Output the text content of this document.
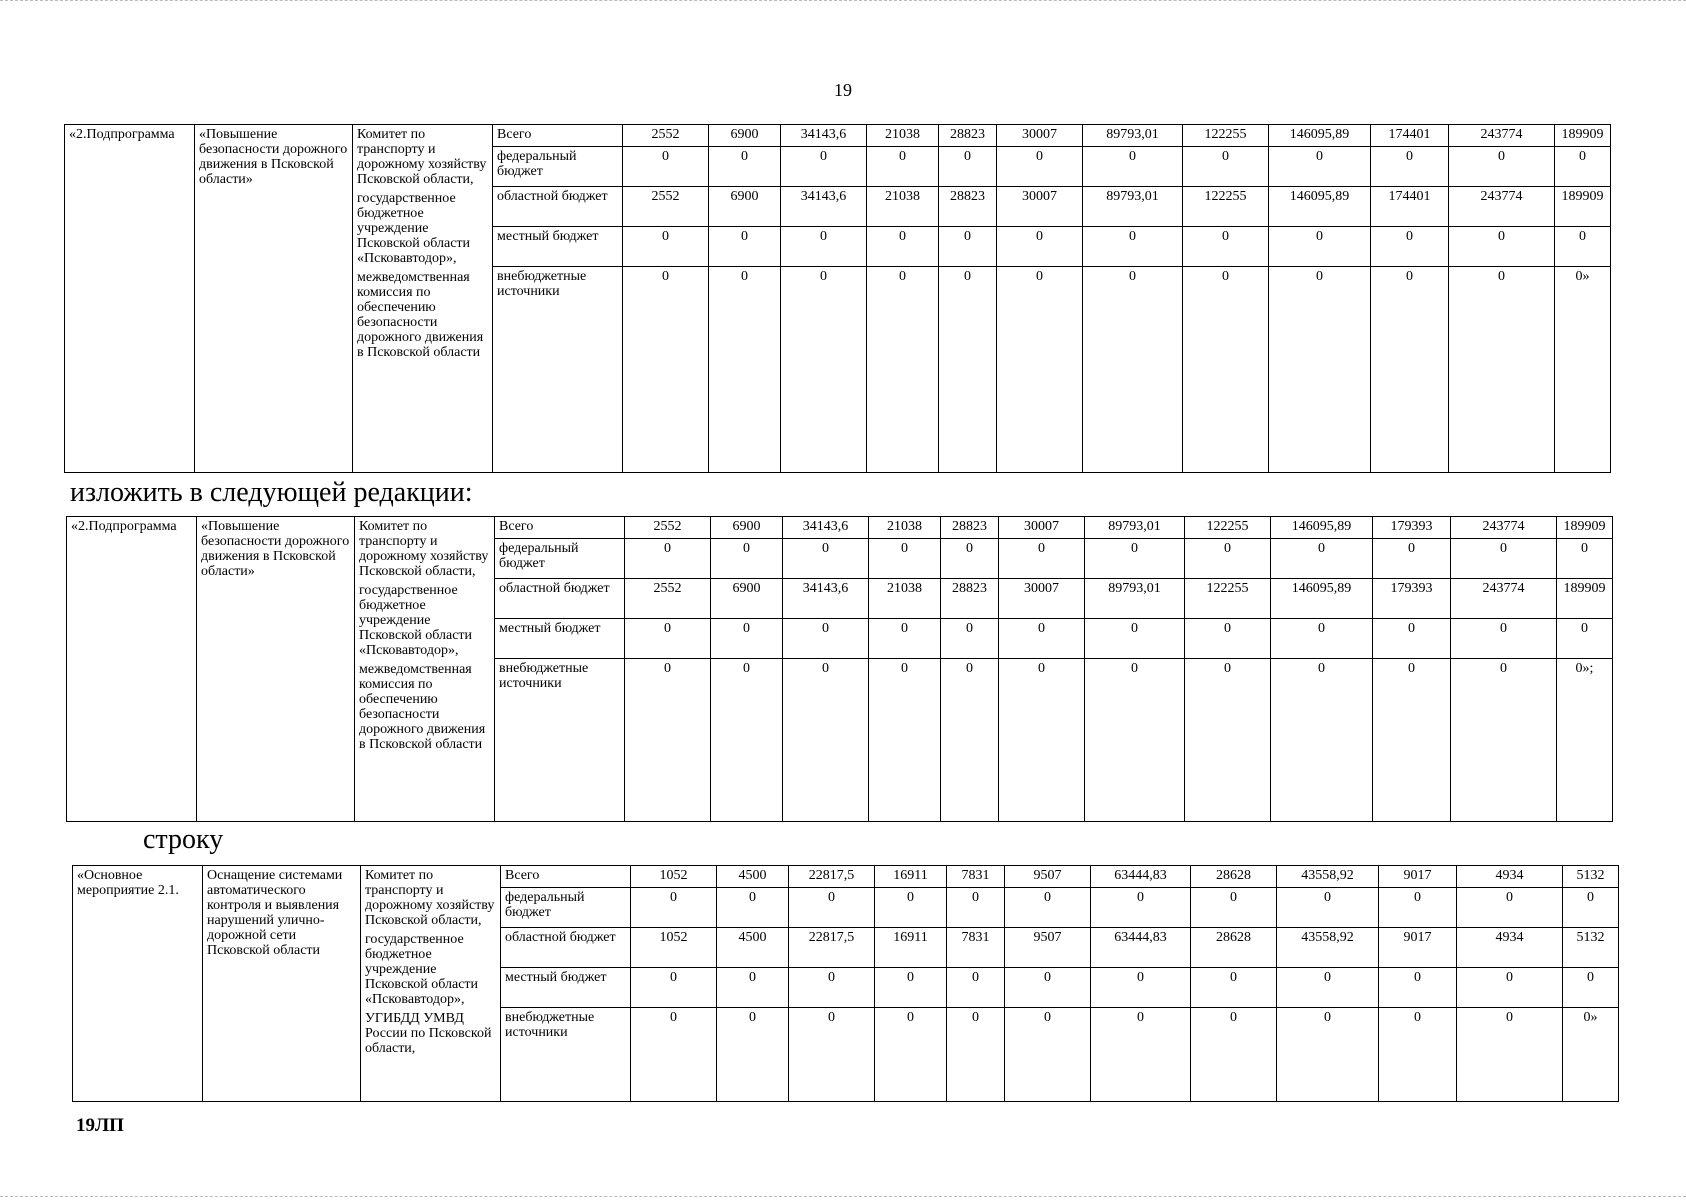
19
«2.Подпрограмма	«Повышение безопасности дорожного движения в Псковской области»	Комитет по транспорту и дорожному хозяйству Псковской области,
государственное бюджетное учреждение Псковской области «Псковавтодор»,
межведомственная комиссия по обеспечению безопасности дорожного движения в Псковской области	Всего	2552	6900	34143,6	21038	28823	30007	89793,01	122255	146095,89	174401	243774	189909
			федеральный бюджет	0	0	0	0	0	0	0	0	0	0	0	0
			областной бюджет	2552	6900	34143,6	21038	28823	30007	89793,01	122255	146095,89	174401	243774	189909
			местный бюджет	0	0	0	0	0	0	0	0	0	0	0	0
			внебюджетные источники	0	0	0	0	0	0	0	0	0	0	0	0»
изложить в следующей редакции:
«2.Подпрограмма	«Повышение безопасности дорожного движения в Псковской области»	Комитет по транспорту и дорожному хозяйству Псковской области,
государственное бюджетное учреждение Псковской области «Псковавтодор»,
межведомственная комиссия по обеспечению безопасности дорожного движения в Псковской области	Всего	2552	6900	34143,6	21038	28823	30007	89793,01	122255	146095,89	179393	243774	189909
			федеральный бюджет	0	0	0	0	0	0	0	0	0	0	0	0
			областной бюджет	2552	6900	34143,6	21038	28823	30007	89793,01	122255	146095,89	179393	243774	189909
			местный бюджет	0	0	0	0	0	0	0	0	0	0	0	0
			внебюджетные источники	0	0	0	0	0	0	0	0	0	0	0	0»;
строку
«Основное мероприятие 2.1.	Оснащение системами автоматического контроля и выявления нарушений улично-дорожной сети Псковской области	Комитет по транспорту и дорожному хозяйству Псковской области,
государственное бюджетное учреждение Псковской области «Псковавтодор»,
УГИБДД УМВД России по Псковской области,	Всего	1052	4500	22817,5	16911	7831	9507	63444,83	28628	43558,92	9017	4934	5132
			федеральный бюджет	0	0	0	0	0	0	0	0	0	0	0	0
			областной бюджет	1052	4500	22817,5	16911	7831	9507	63444,83	28628	43558,92	9017	4934	5132
			местный бюджет	0	0	0	0	0	0	0	0	0	0	0	0
			внебюджетные источники	0	0	0	0	0	0	0	0	0	0	0	0»
19ЛП
